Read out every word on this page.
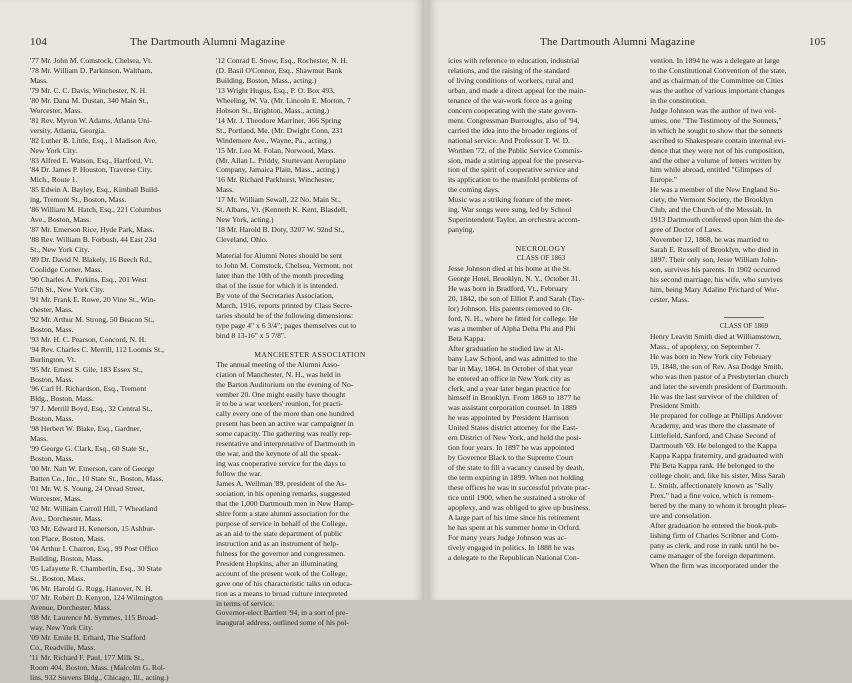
104	The Dartmouth Alumni Magazine
'77 Mr. John M. Comstock, Chelsea, Vt.
'78 Mr. William D. Parkinson, Waltham,
Mass.
'79 Mr. C. C. Davis, Winchester, N. H.
'80 Mr. Dana M. Dustan, 340 Main St.,
Worcester, Mass.
'81 Rev. Myron W. Adams, Atlanta Uni-
versity, Atlanta, Georgia.
'82 Luther B. Little, Esq., 1 Madison Ave,
New York City.
'83 Alfred E. Watson, Esq., Hartford, Vt.
'84 Dr. James P. Houston, Traverse City,
Mich., Route 1.
'85 Edwin A. Bayley, Esq., Kimball Build-
ing, Tremont St., Boston, Mass.
'86 William M. Hatch, Esq., 221 Columbus
Ave., Boston, Mass.
'87 Mr. Emerson Rice, Hyde Park, Mass.
'88 Rev. William B. Forbush, 44 East 23d
St., New York City.
'89 Dr. David N. Blakely, 16 Beech Rd.,
Coolidge Corner, Mass.
'90 Charles A. Perkins, Esq., 201 West
57th St., New York City.
'91 Mr. Frank E. Rowe, 20 Vine St., Win-
chester, Mass.
'92 Mr. Arthur M. Strong, 50 Beacon St.,
Boston, Mass.
'93 Mr. H. C. Pearson, Concord, N. H.
'94 Rev. Charles C. Merrill, 112 Loomis St.,
Burlington, Vt.
'95 Mr. Ernest S. Gile, 183 Essex St.,
Boston, Mass.
'96 Carl H. Richardson, Esq., Tremont
Bldg., Boston, Mass.
'97 J. Merrill Boyd, Esq., 32 Central St.,
Boston, Mass.
'98 Herbert W. Blake, Esq., Gardner,
Mass.
'99 George G. Clark, Esq., 60 State St.,
Boston, Mass.
'00 Mr. Natt W. Emerson, care of George
Batten Co., Inc., 10 State St., Boston, Mass.
'01 Mr. W. S. Young, 24 Oread Street,
Worcester, Mass.
'02 Mr. William Carroll Hill, 7 Wheatland
Ave., Dorchester, Mass.
'03 Mr. Edward H. Kenerson, 15 Ashbur-
ton Place, Boston, Mass.
'04 Arthur I. Charron, Esq., 99 Post Office
Building, Boston, Mass.
'05 Lafayette R. Chamberlin, Esq., 30 State
St., Boston, Mass.
'06 Mr. Harold G. Rugg, Hanover, N. H.
'07 Mr. Robert D. Kenyon, 124 Wilmington
Avenue, Dorchester, Mass.
'08 Mr. Laurence M. Symmes, 115 Broad-
way, New York City.
'09 Mr. Emile H. Erhard, The Stafford
Co., Readville, Mass.
'11 Mr. Richard F. Paul, 177 Milk St.,
Room 404, Boston, Mass. (Malcolm G. Rol-
lins, 932 Stevens Bldg., Chicago, Ill., acting.)
'12 Conrad E. Snow, Esq., Rochester, N. H.
(D. Basil O'Connor, Esq., Shawmut Bank
Building, Boston, Mass., acting.)
'13 Wright Hugus, Esq., P. O. Box 493,
Wheeling, W. Va. (Mr. Lincoln E. Morton, 7
Hobson St., Brighton, Mass., acting.)
'14 Mr. J. Theodore Marriner, 366 Spring
St., Portland, Me. (Mr. Dwight Conn, 231
Windemere Ave., Wayne, Pa., acting.)
'15 Mr. Leo M. Folan, Norwood, Mass.
(Mr. Allan L. Priddy, Sturtevant Aeroplane
Company, Jamaica Plain, Mass., acting.)
'16 Mr. Richard Parkhurst, Winchester,
Mass.
'17 Mr. William Sewall, 22 No. Main St.,
St. Albans, Vt. (Kenneth K. Kent, Blasdell,
New York, acting.)
'18 Mr. Harold B. Doty, 3207 W. 92nd St.,
Cleveland, Ohio.
Material for Alumni Notes should be sent
to John M. Comstock, Chelsea, Vermont, not
later than the 10th of the month preceding
that of the issue for which it is intended.
By vote of the Secretaries Association,
March, 1916, reports printed by Class Secre-
taries should be of the following dimensions:
type page 4" x 6 3/4"; pages themselves cut to
bind 8 13-16" x 5 7/8".
MANCHESTER ASSOCIATION
The annual meeting of the Alumni Asso-
ciation of Manchester, N. H., was held in
the Barton Auditorium on the evening of No-
vember 20. One might easily have thought
it to be a war workers' reunion, for practi-
cally every one of the more than one hundred
present has been an active war campaigner in
some capacity. The gathering was really rep-
resentative and interpretative of Dartmouth in
the war, and the keynote of all the speak-
ing was cooperative service for the days to
follow the war.
James A. Wellman '89, president of the As-
sociation, in his opening remarks, suggested
that the 1,000 Dartmouth men in New Hamp-
shire form a state alumni association for the
purpose of service in behalf of the College,
as an aid to the state department of public
instruction and as an instrument of help-
fulness for the governor and congressmen.
President Hopkins, after an illuminating
account of the present work of the College,
gave one of his characteristic talks on educa-
tion as a means to broad culture interpreted
in terms of service.
Governor-elect Bartlett '94, in a sort of pre-
inaugural address, outlined some of his pol-
The Dartmouth Alumni Magazine	105
icies with reference to education, industrial
relations, and the raising of the standard
of living conditions of workers, rural and
urban, and made a direct appeal for the main-
tenance of the war-work force as a going
concern cooperating with the state govern-
ment. Congressman Burroughs, also of '94,
carried the idea into the broader regions of
national service. And Professor T. W. D.
Worthen '72, of the Public Service Commis-
sion, made a stirring appeal for the preserva-
tion of the spirit of cooperative service and
its application to the manifold problems of
the coming days.
Music was a striking feature of the meet-
ing. War songs were sung, led by School
Superintendent Taylor, an orchestra accom-
panying.
NECROLOGY
CLASS OF 1863
Jesse Johnson died at his home at the St.
George Hotel, Brooklyn, N. Y., October 31.
He was born in Bradford, Vt., February
20, 1842, the son of Elliot P. and Sarah (Tay-
lor) Johnson. His parents removed to Or-
ford, N. H., where he fitted for college. He
was a member of Alpha Delta Phi and Phi
Beta Kappa.
After graduation he studied law at Al-
bany Law School, and was admitted to the
bar in May, 1864. In October of that year
he entered an office in New York city as
clerk, and a year later began practice for
himself in Brooklyn. From 1869 to 1877 he
was assistant corporation counsel. In 1889
he was appointed by President Harrison
United States district attorney for the East-
ern District of New York, and held the posi-
tion four years. In 1897 he was appointed
by Governor Black to the Supreme Court
of the state to fill a vacancy caused by death,
the term expiring in 1899. When not holding
these offices he was in successful private prac-
tice until 1900, when he sustained a stroke of
apoplexy, and was obliged to give up business.
A large part of his time since his retirement
he has spent at his summer home in Orford.
For many years Judge Johnson was ac-
tively engaged in politics. In 1888 he was
a delegate to the Republican National Con-
vention. In 1894 he was a delegate at large
to the Constitutional Convention of the state,
and as chairman of the Committee on Cities
was the author of various important changes
in the constitution.
Judge Johnson was the author of two vol-
umes, one "The Testimony of the Sonnets,"
in which he sought to show that the sonnets
ascribed to Shakespeare contain internal evi-
dence that they were not of his composition,
and the other a volume of letters written by
him while abroad, entitled "Glimpses of
Europe."
He was a member of the New England So-
ciety, the Vermont Society, the Brooklyn
Club, and the Church of the Messiah. In
1913 Dartmouth conferred upon him the de-
gree of Doctor of Laws.
November 12, 1868, he was married to
Sarah E. Russell of Brooklyn, who died in
1897. Their only son, Jesse William John-
son, survives his parents. In 1902 occurred
his second marriage, his wife, who survives
him, being Mary Adaline Prichard of Wor-
cester, Mass.
CLASS OF 1869
Henry Leavitt Smith died at Williamstown,
Mass., of apoplexy, on September 7.
He was born in New York city February
19, 1848, the son of Rev. Asa Dodge Smith,
who was then pastor of a Presbyterian church
and later the seventh president of Dartmouth.
He was the last survivor of the children of
President Smith.
He prepared for college at Phillips Andover
Academy, and was there the classmate of
Littlefield, Sanford, and Chase Second of
Dartmouth '69. He belonged to the Kappa
Kappa Kappa fraternity, and graduated with
Phi Beta Kappa rank. He belonged to the
college choir, and, like his sister, Miss Sarah
L. Smith, affectionately known as "Sally
Prex," had a fine voice, which is remem-
bered by the many to whom it brought pleas-
ure and consolation.
After graduation he entered the book-pub-
lishing firm of Charles Scribner and Com-
pany as clerk, and rose in rank until he be-
came manager of the foreign department.
When the firm was incorporated under the
